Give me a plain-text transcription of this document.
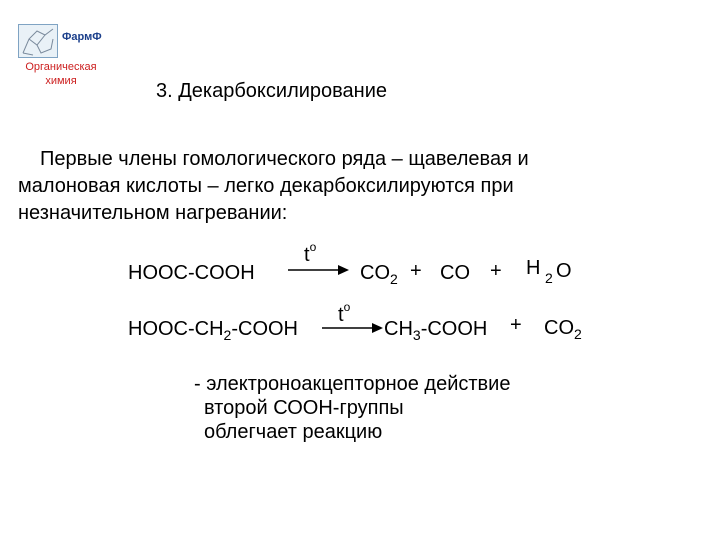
ФармФ
Органическая
химия	3. Декарбоксилирование
Первые члены гомологического ряда – щавелевая и малоновая кислоты – легко декарбоксилируются при незначительном нагревании:
HOOC-COOH
$t^o$
→ $CO_2$ + CO + H 2 O
HOOC-$CH_2$-COOH
$t^o$
→ $CH_3$-COOH + $CO_2$
- электроноакцепторное действие
второй СООН-группы
облегчает реакцию
